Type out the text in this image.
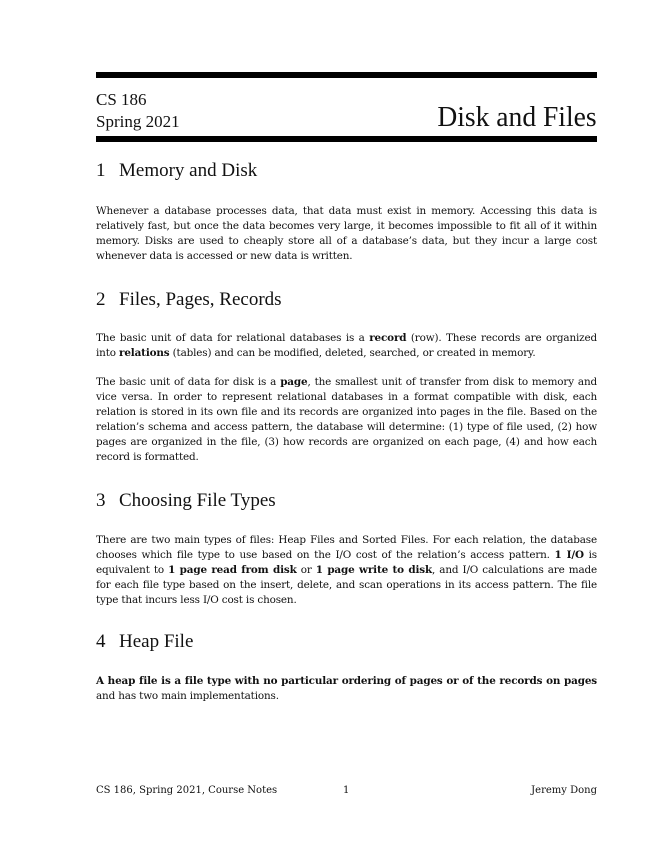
CS 186
Spring 2021	Disk and Files
1 Memory and Disk
Whenever a database processes data, that data must exist in memory. Accessing this data is relatively fast, but once the data becomes very large, it becomes impossible to fit all of it within memory. Disks are used to cheaply store all of a database’s data, but they incur a large cost whenever data is accessed or new data is written.
2 Files, Pages, Records
The basic unit of data for relational databases is a record (row). These records are organized into relations (tables) and can be modified, deleted, searched, or created in memory.
The basic unit of data for disk is a page, the smallest unit of transfer from disk to memory and vice versa. In order to represent relational databases in a format compatible with disk, each relation is stored in its own file and its records are organized into pages in the file. Based on the relation’s schema and access pattern, the database will determine: (1) type of file used, (2) how pages are organized in the file, (3) how records are organized on each page, (4) and how each record is formatted.
3 Choosing File Types
There are two main types of files: Heap Files and Sorted Files. For each relation, the database chooses which file type to use based on the I/O cost of the relation’s access pattern. 1 I/O is equivalent to 1 page read from disk or 1 page write to disk, and I/O calculations are made for each file type based on the insert, delete, and scan operations in its access pattern. The file type that incurs less I/O cost is chosen.
4 Heap File
A heap file is a file type with no particular ordering of pages or of the records on pages and has two main implementations.
CS 186, Spring 2021, Course Notes	1	Jeremy Dong
